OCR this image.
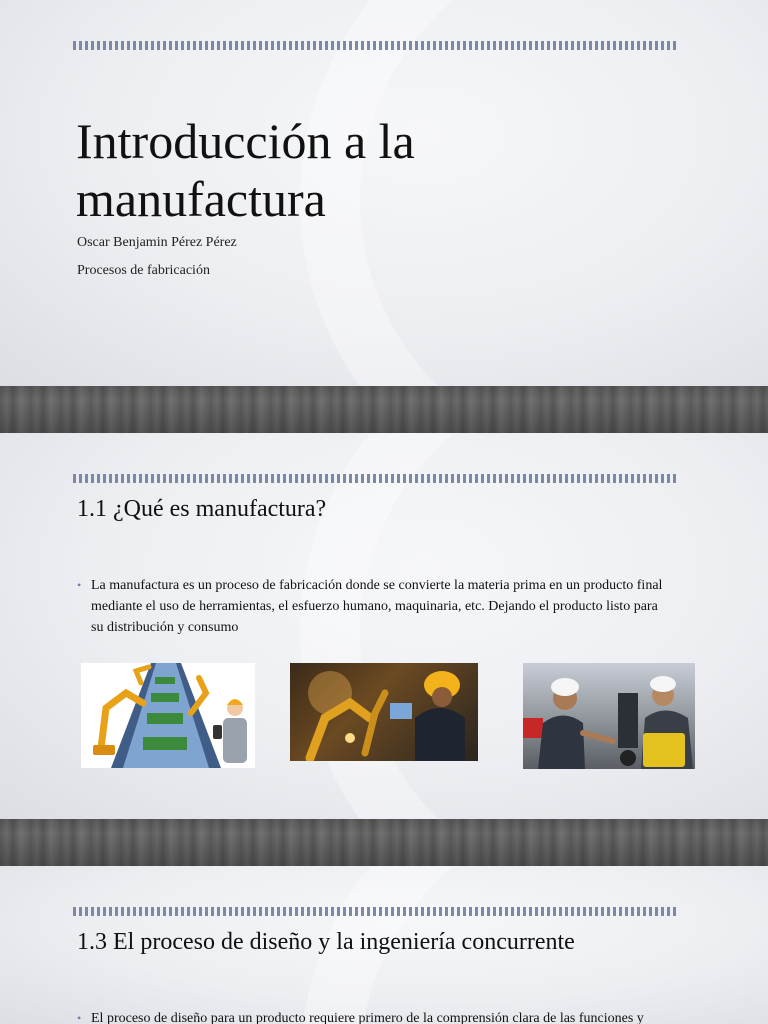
Introducción a la
manufactura

Oscar Benjamin Pérez Pérez

Procesos de fabricación

1.1 ¿Qué es manufactura?
• La manufactura es un proceso de fabricación donde se convierte la materia prima en un producto final mediante el uso de herramientas, el esfuerzo humano, maquinaria, etc. Dejando el producto listo para su distribución y consumo
1.3 El proceso de diseño y la ingeniería concurrente
• El proceso de diseño para un producto requiere primero de la comprensión clara de las funciones y
